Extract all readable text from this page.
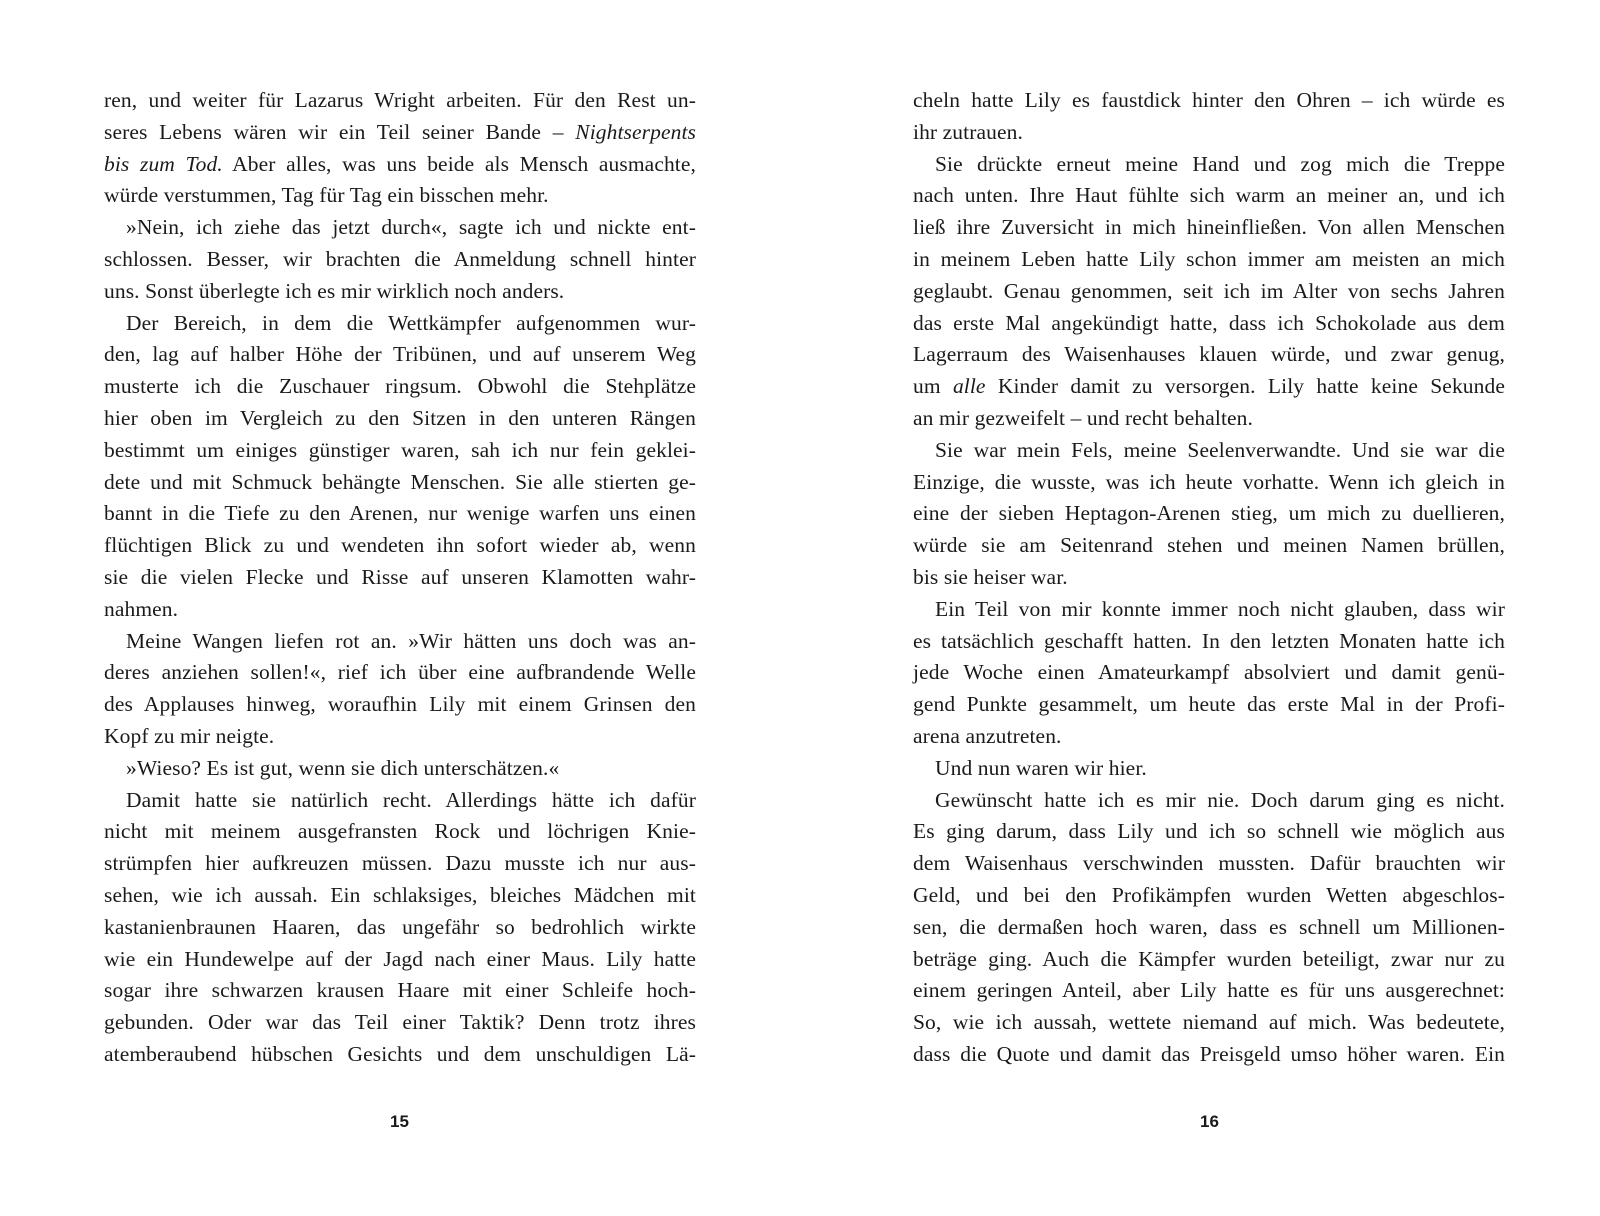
ren, und weiter für Lazarus Wright arbeiten. Für den Rest un-
seres Lebens wären wir ein Teil seiner Bande – Nightserpents
bis zum Tod. Aber alles, was uns beide als Mensch ausmachte,
würde verstummen, Tag für Tag ein bisschen mehr.
»Nein, ich ziehe das jetzt durch«, sagte ich und nickte ent-
schlossen. Besser, wir brachten die Anmeldung schnell hinter
uns. Sonst überlegte ich es mir wirklich noch anders.
Der Bereich, in dem die Wettkämpfer aufgenommen wur-
den, lag auf halber Höhe der Tribünen, und auf unserem Weg
musterte ich die Zuschauer ringsum. Obwohl die Stehplätze
hier oben im Vergleich zu den Sitzen in den unteren Rängen
bestimmt um einiges günstiger waren, sah ich nur fein geklei-
dete und mit Schmuck behängte Menschen. Sie alle stierten ge-
bannt in die Tiefe zu den Arenen, nur wenige warfen uns einen
flüchtigen Blick zu und wendeten ihn sofort wieder ab, wenn
sie die vielen Flecke und Risse auf unseren Klamotten wahr-
nahmen.
Meine Wangen liefen rot an. »Wir hätten uns doch was an-
deres anziehen sollen!«, rief ich über eine aufbrandende Welle
des Applauses hinweg, woraufhin Lily mit einem Grinsen den
Kopf zu mir neigte.
»Wieso? Es ist gut, wenn sie dich unterschätzen.«
Damit hatte sie natürlich recht. Allerdings hätte ich dafür
nicht mit meinem ausgefransten Rock und löchrigen Knie-
strümpfen hier aufkreuzen müssen. Dazu musste ich nur aus-
sehen, wie ich aussah. Ein schlaksiges, bleiches Mädchen mit
kastanienbraunen Haaren, das ungefähr so bedrohlich wirkte
wie ein Hundewelpe auf der Jagd nach einer Maus. Lily hatte
sogar ihre schwarzen krausen Haare mit einer Schleife hoch-
gebunden. Oder war das Teil einer Taktik? Denn trotz ihres
atemberaubend hübschen Gesichts und dem unschuldigen Lä-
cheln hatte Lily es faustdick hinter den Ohren – ich würde es
ihr zutrauen.
Sie drückte erneut meine Hand und zog mich die Treppe
nach unten. Ihre Haut fühlte sich warm an meiner an, und ich
ließ ihre Zuversicht in mich hineinfließen. Von allen Menschen
in meinem Leben hatte Lily schon immer am meisten an mich
geglaubt. Genau genommen, seit ich im Alter von sechs Jahren
das erste Mal angekündigt hatte, dass ich Schokolade aus dem
Lagerraum des Waisenhauses klauen würde, und zwar genug,
um alle Kinder damit zu versorgen. Lily hatte keine Sekunde
an mir gezweifelt – und recht behalten.
Sie war mein Fels, meine Seelenverwandte. Und sie war die
Einzige, die wusste, was ich heute vorhatte. Wenn ich gleich in
eine der sieben Heptagon-Arenen stieg, um mich zu duellieren,
würde sie am Seitenrand stehen und meinen Namen brüllen,
bis sie heiser war.
Ein Teil von mir konnte immer noch nicht glauben, dass wir
es tatsächlich geschafft hatten. In den letzten Monaten hatte ich
jede Woche einen Amateurkampf absolviert und damit genü-
gend Punkte gesammelt, um heute das erste Mal in der Profi-
arena anzutreten.
Und nun waren wir hier.
Gewünscht hatte ich es mir nie. Doch darum ging es nicht.
Es ging darum, dass Lily und ich so schnell wie möglich aus
dem Waisenhaus verschwinden mussten. Dafür brauchten wir
Geld, und bei den Profikämpfen wurden Wetten abgeschlos-
sen, die dermaßen hoch waren, dass es schnell um Millionen-
beträge ging. Auch die Kämpfer wurden beteiligt, zwar nur zu
einem geringen Anteil, aber Lily hatte es für uns ausgerechnet:
So, wie ich aussah, wettete niemand auf mich. Was bedeutete,
dass die Quote und damit das Preisgeld umso höher waren. Ein
15	16
